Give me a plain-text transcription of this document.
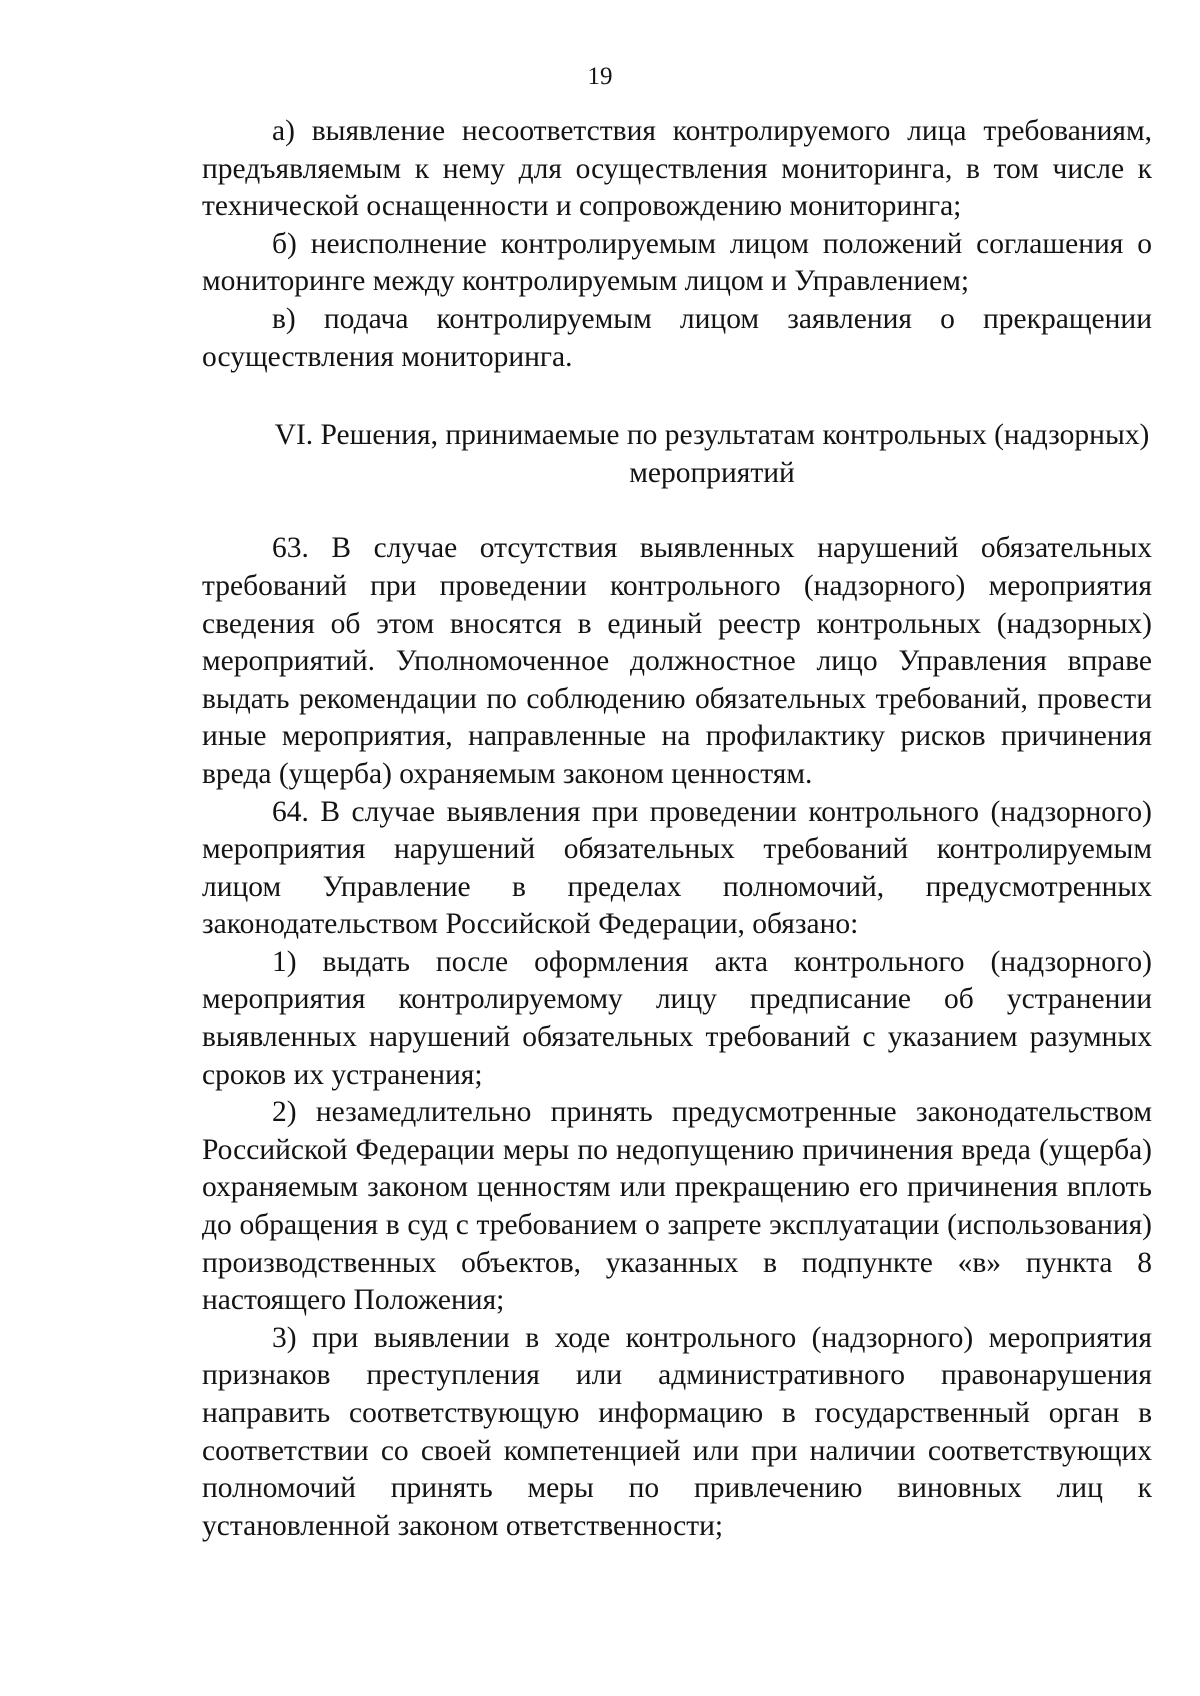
19

а) выявление несоответствия контролируемого лица требованиям, предъявляемым к нему для осуществления мониторинга, в том числе к технической оснащенности и сопровождению мониторинга;

б) неисполнение контролируемым лицом положений соглашения о мониторинге между контролируемым лицом и Управлением;

в) подача контролируемым лицом заявления о прекращении осуществления мониторинга.

VI. Решения, принимаемые по результатам контрольных (надзорных)
мероприятий

63. В случае отсутствия выявленных нарушений обязательных требований при проведении контрольного (надзорного) мероприятия сведения об этом вносятся в единый реестр контрольных (надзорных) мероприятий. Уполномоченное должностное лицо Управления вправе выдать рекомендации по соблюдению обязательных требований, провести иные мероприятия, направленные на профилактику рисков причинения вреда (ущерба) охраняемым законом ценностям.

64. В случае выявления при проведении контрольного (надзорного) мероприятия нарушений обязательных требований контролируемым лицом Управление в пределах полномочий, предусмотренных законодательством Российской Федерации, обязано:

1) выдать после оформления акта контрольного (надзорного) мероприятия контролируемому лицу предписание об устранении выявленных нарушений обязательных требований с указанием разумных сроков их устранения;

2) незамедлительно принять предусмотренные законодательством Российской Федерации меры по недопущению причинения вреда (ущерба) охраняемым законом ценностям или прекращению его причинения вплоть до обращения в суд с требованием о запрете эксплуатации (использования) производственных объектов, указанных в подпункте «в» пункта 8 настоящего Положения;

3) при выявлении в ходе контрольного (надзорного) мероприятия признаков преступления или административного правонарушения направить соответствующую информацию в государственный орган в соответствии со своей компетенцией или при наличии соответствующих полномочий принять меры по привлечению виновных лиц к установленной законом ответственности;
